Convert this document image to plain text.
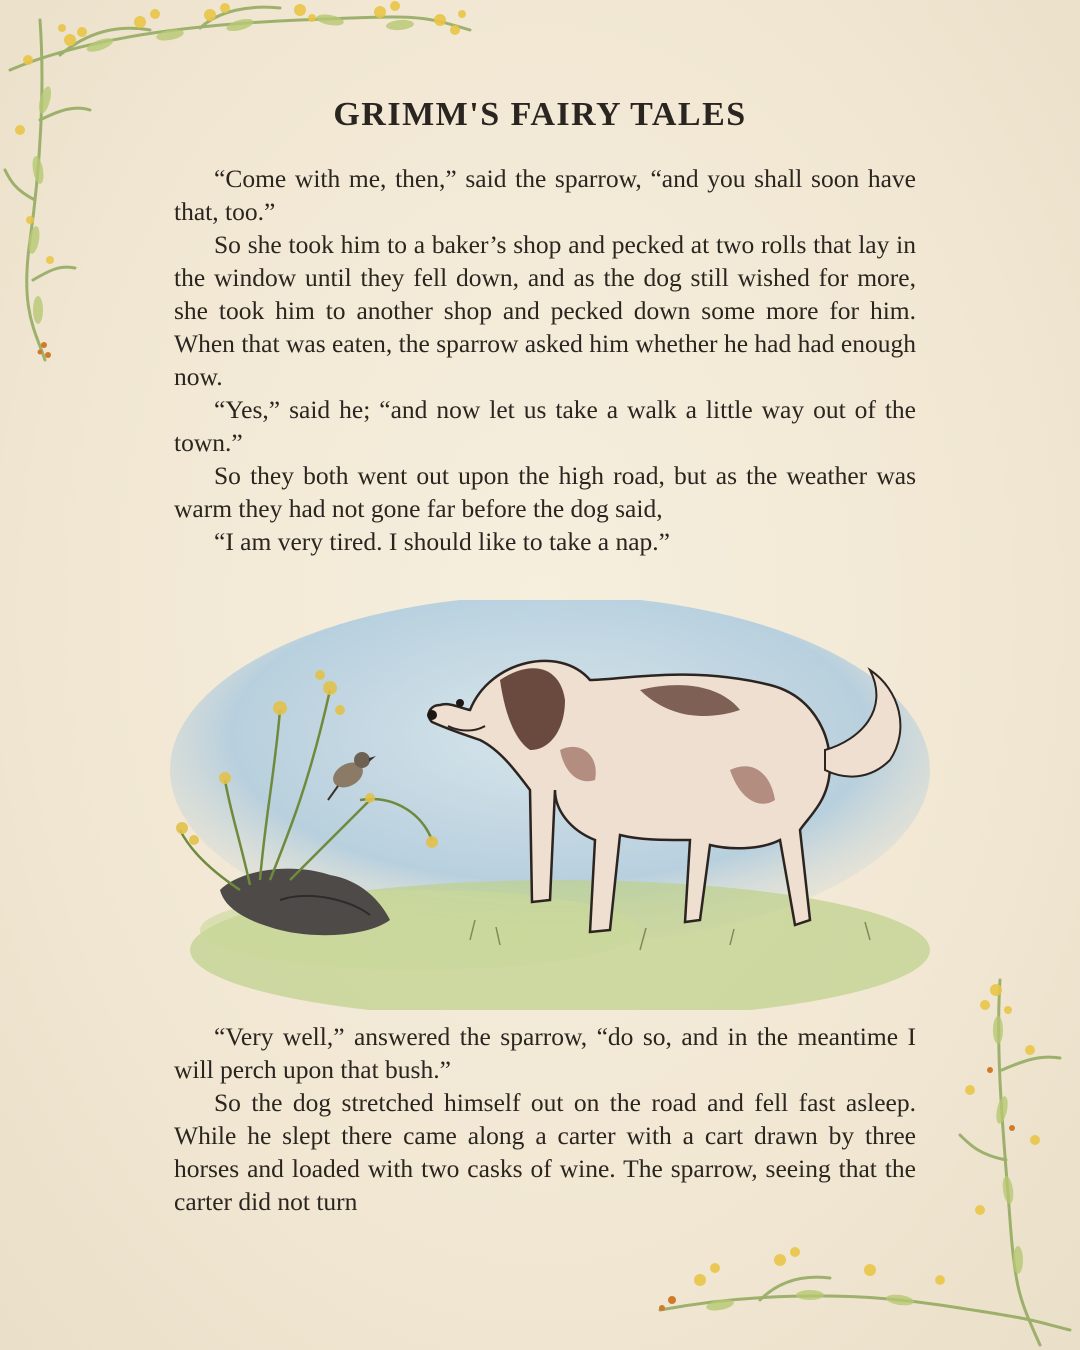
GRIMM'S FAIRY TALES

“Come with me, then,” said the sparrow, “and you shall soon have that, too.”

So she took him to a baker’s shop and pecked at two rolls that lay in the window until they fell down, and as the dog still wished for more, she took him to another shop and pecked down some more for him. When that was eaten, the sparrow asked him whether he had had enough now.

“Yes,” said he; “and now let us take a walk a little way out of the town.”

So they both went out upon the high road, but as the weather was warm they had not gone far before the dog said,

“I am very tired. I should like to take a nap.”

“Very well,” answered the sparrow, “do so, and in the meantime I will perch upon that bush.”

So the dog stretched himself out on the road and fell fast asleep. While he slept there came along a carter with a cart drawn by three horses and loaded with two casks of wine. The sparrow, seeing that the carter did not turn
